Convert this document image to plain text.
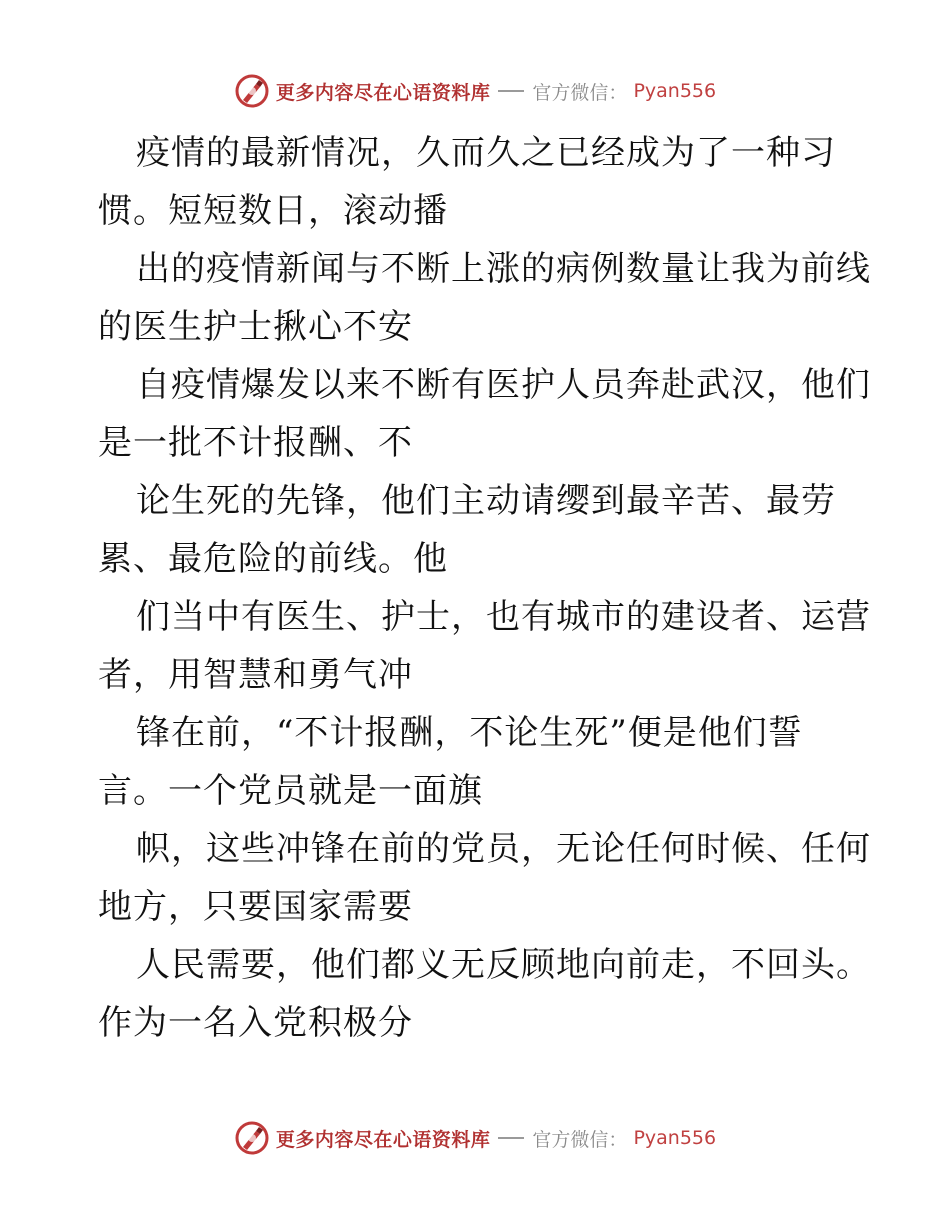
更多内容尽在心语资料库 官方微信： Pyan556

疫情的最新情况，久而久之已经成为了一种习
惯。短短数日，滚动播

出的疫情新闻与不断上涨的病例数量让我为前线
的医生护士揪心不安

自疫情爆发以来不断有医护人员奔赴武汉，他们
是一批不计报酬、不

论生死的先锋，他们主动请缨到最辛苦、最劳
累、最危险的前线。他

们当中有医生、护士，也有城市的建设者、运营
者，用智慧和勇气冲

锋在前，“不计报酬，不论生死”便是他们誓
言。一个党员就是一面旗

帜，这些冲锋在前的党员，无论任何时候、任何
地方，只要国家需要

人民需要，他们都义无反顾地向前走，不回头。
作为一名入党积极分

更多内容尽在心语资料库 官方微信： Pyan556
